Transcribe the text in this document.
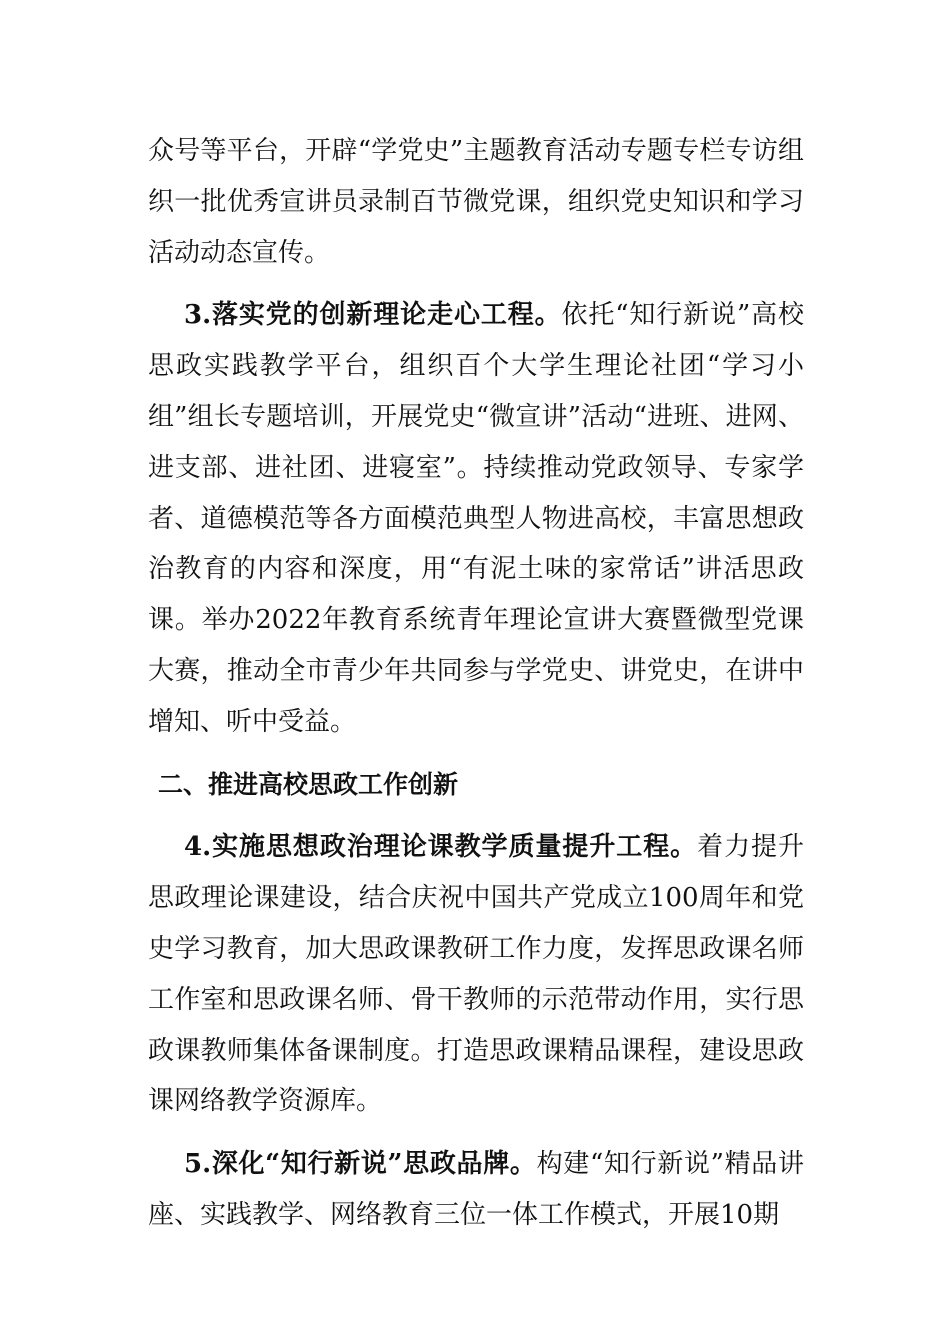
众号等平台，开辟“学党史”主题教育活动专题专栏专访组织一批优秀宣讲员录制百节微党课，组织党史知识和学习活动动态宣传。

3.落实党的创新理论走心工程。依托“知行新说”高校思政实践教学平台，组织百个大学生理论社团“学习小组”组长专题培训，开展党史“微宣讲”活动“进班、进网、进支部、进社团、进寝室”。持续推动党政领导、专家学者、道德模范等各方面模范典型人物进高校，丰富思想政治教育的内容和深度，用“有泥土味的家常话”讲活思政课。举办2022年教育系统青年理论宣讲大赛暨微型党课大赛，推动全市青少年共同参与学党史、讲党史，在讲中增知、听中受益。

二、推进高校思政工作创新

4.实施思想政治理论课教学质量提升工程。着力提升思政理论课建设，结合庆祝中国共产党成立100周年和党史学习教育，加大思政课教研工作力度，发挥思政课名师工作室和思政课名师、骨干教师的示范带动作用，实行思政课教师集体备课制度。打造思政课精品课程，建设思政课网络教学资源库。

5.深化“知行新说”思政品牌。构建“知行新说”精品讲座、实践教学、网络教育三位一体工作模式，开展10期
